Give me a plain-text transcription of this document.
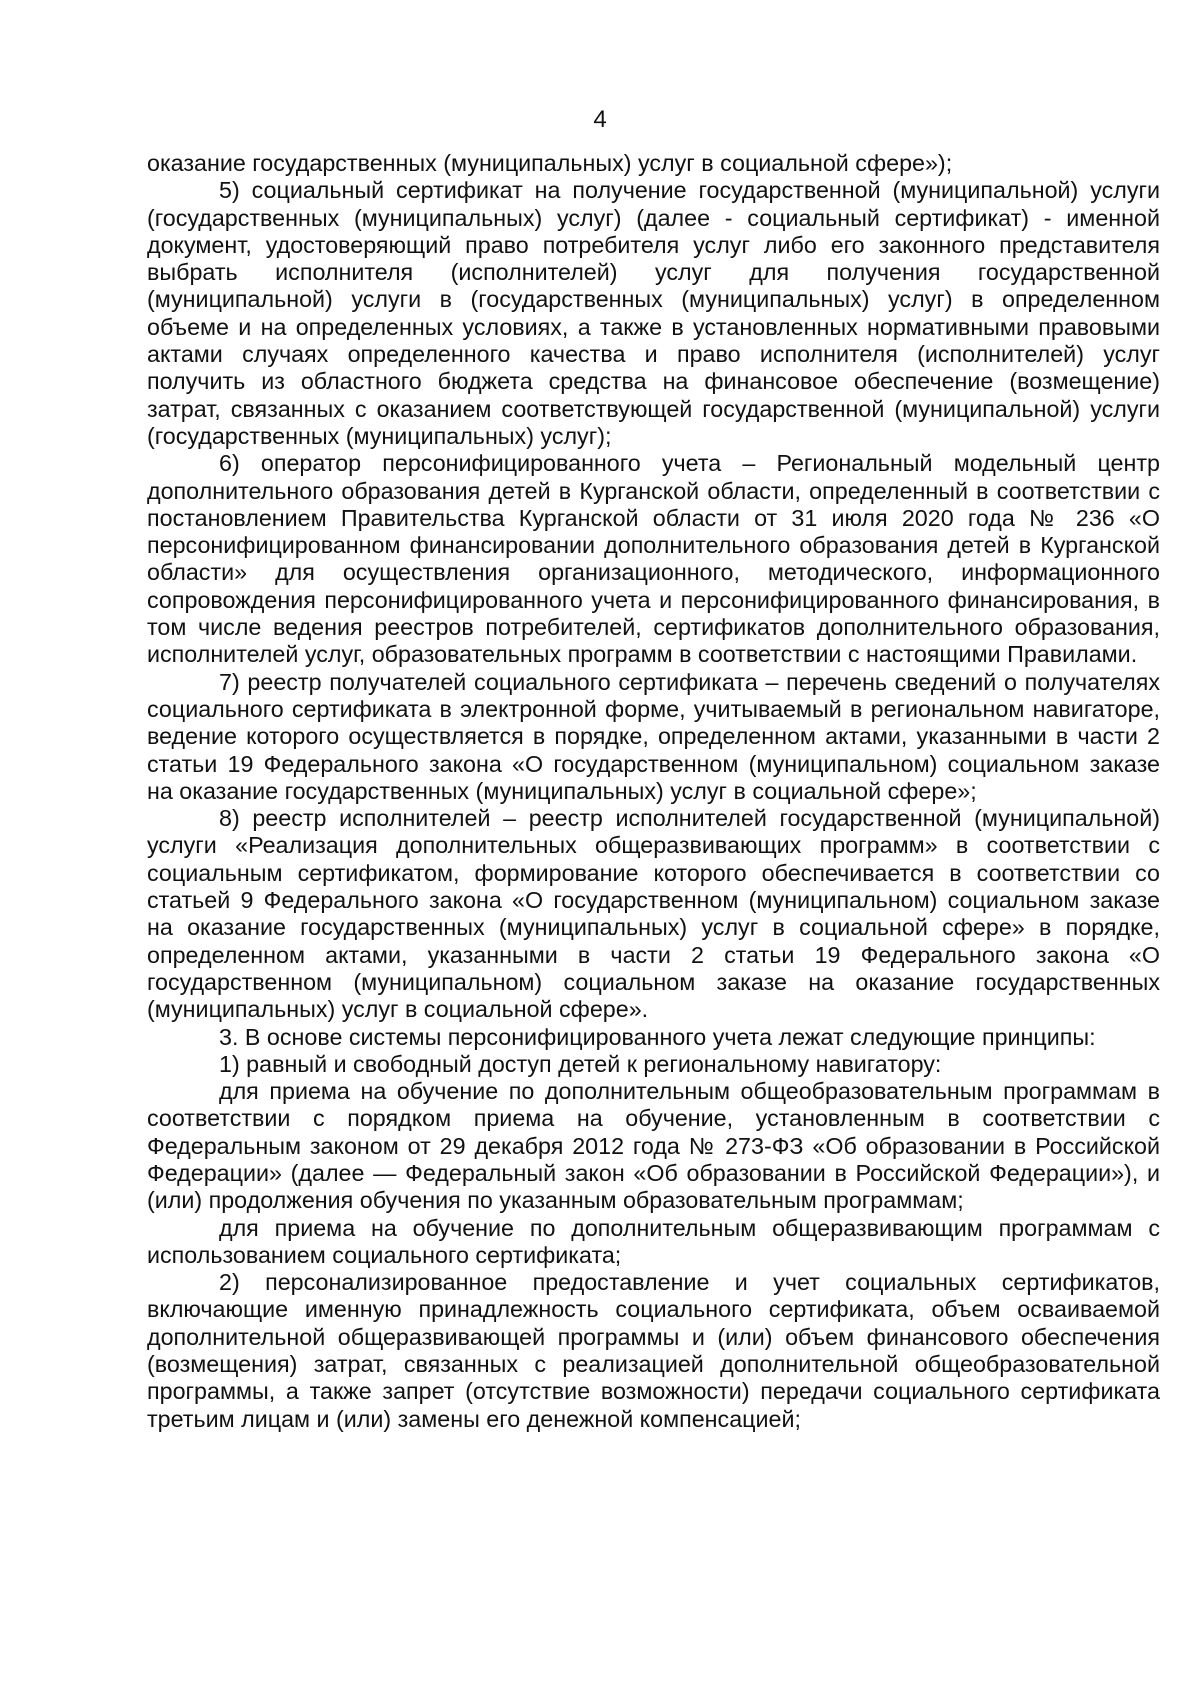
4

оказание государственных (муниципальных) услуг в социальной сфере»);

5) социальный сертификат на получение государственной (муниципальной) услуги (государственных (муниципальных) услуг) (далее - социальный сертификат) - именной документ, удостоверяющий право потребителя услуг либо его законного представителя выбрать исполнителя (исполнителей) услуг для получения государственной (муниципальной) услуги в (государственных (муниципальных) услуг) в определенном объеме и на определенных условиях, а также в установленных нормативными правовыми актами случаях определенного качества и право исполнителя (исполнителей) услуг получить из областного бюджета средства на финансовое обеспечение (возмещение) затрат, связанных с оказанием соответствующей государственной (муниципальной) услуги (государственных (муниципальных) услуг);

6) оператор персонифицированного учета – Региональный модельный центр дополнительного образования детей в Курганской области, определенный в соответствии с постановлением Правительства Курганской области от 31 июля 2020 года № 236 «О персонифицированном финансировании дополнительного образования детей в Курганской области» для осуществления организационного, методического, информационного сопровождения персонифицированного учета и персонифицированного финансирования, в том числе ведения реестров потребителей, сертификатов дополнительного образования, исполнителей услуг, образовательных программ в соответствии с настоящими Правилами.

7) реестр получателей социального сертификата – перечень сведений о получателях социального сертификата в электронной форме, учитываемый в региональном навигаторе, ведение которого осуществляется в порядке, определенном актами, указанными в части 2 статьи 19 Федерального закона «О государственном (муниципальном) социальном заказе на оказание государственных (муниципальных) услуг в социальной сфере»;

8) реестр исполнителей – реестр исполнителей государственной (муниципальной) услуги «Реализация дополнительных общеразвивающих программ» в соответствии с социальным сертификатом, формирование которого обеспечивается в соответствии со статьей 9 Федерального закона «О государственном (муниципальном) социальном заказе на оказание государственных (муниципальных) услуг в социальной сфере» в порядке, определенном актами, указанными в части 2 статьи 19 Федерального закона «О государственном (муниципальном) социальном заказе на оказание государственных (муниципальных) услуг в социальной сфере».

3. В основе системы персонифицированного учета лежат следующие принципы:

1) равный и свободный доступ детей к региональному навигатору:

для приема на обучение по дополнительным общеобразовательным программам в соответствии с порядком приема на обучение, установленным в соответствии с Федеральным законом от 29 декабря 2012 года № 273-ФЗ «Об образовании в Российской Федерации» (далее — Федеральный закон «Об образовании в Российской Федерации»), и (или) продолжения обучения по указанным образовательным программам;

для приема на обучение по дополнительным общеразвивающим программам с использованием социального сертификата;

2) персонализированное предоставление и учет социальных сертификатов, включающие именную принадлежность социального сертификата, объем осваиваемой дополнительной общеразвивающей программы и (или) объем финансового обеспечения (возмещения) затрат, связанных с реализацией дополнительной общеобразовательной программы, а также запрет (отсутствие возможности) передачи социального сертификата третьим лицам и (или) замены его денежной компенсацией;
